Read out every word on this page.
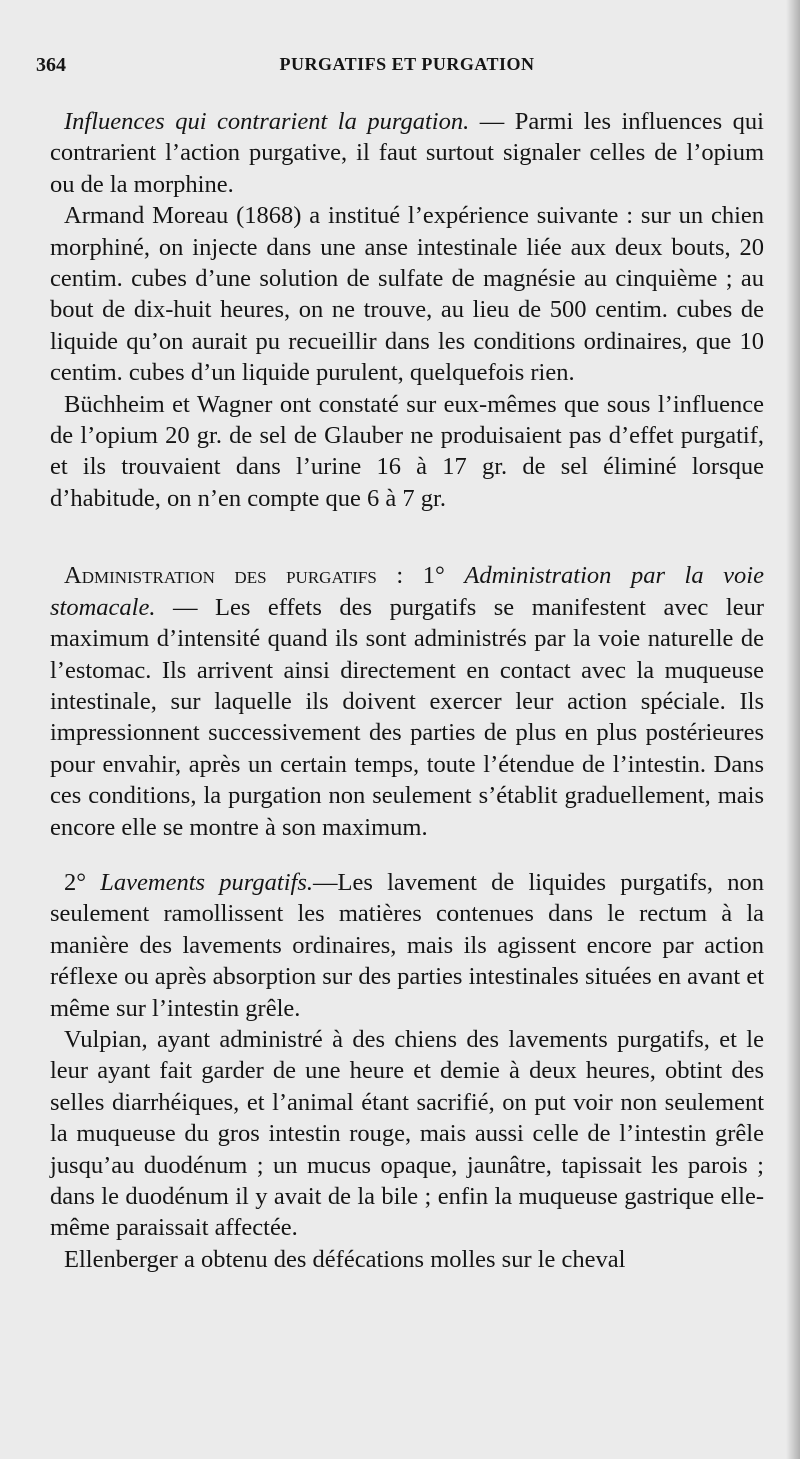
364	PURGATIFS ET PURGATION

Influences qui contrarient la purgation. — Parmi les influences qui contrarient l’action purgative, il faut surtout signaler celles de l’opium ou de la morphine.

Armand Moreau (1868) a institué l’expérience suivante : sur un chien morphiné, on injecte dans une anse intestinale liée aux deux bouts, 20 centim. cubes d’une solution de sulfate de magnésie au cinquième ; au bout de dix-huit heures, on ne trouve, au lieu de 500 centim. cubes de liquide qu’on aurait pu recueillir dans les conditions ordinaires, que 10 centim. cubes d’un liquide purulent, quelquefois rien.

Büchheim et Wagner ont constaté sur eux-mêmes que sous l’influence de l’opium 20 gr. de sel de Glauber ne produisaient pas d’effet purgatif, et ils trouvaient dans l’urine 16 à 17 gr. de sel éliminé lorsque d’habitude, on n’en compte que 6 à 7 gr.

Administration des purgatifs : 1° Administration par la voie stomacale. — Les effets des purgatifs se manifestent avec leur maximum d’intensité quand ils sont administrés par la voie naturelle de l’estomac. Ils arrivent ainsi directement en contact avec la muqueuse intestinale, sur laquelle ils doivent exercer leur action spéciale. Ils impressionnent successivement des parties de plus en plus postérieures pour envahir, après un certain temps, toute l’étendue de l’intestin. Dans ces conditions, la purgation non seulement s’établit graduellement, mais encore elle se montre à son maximum.

2° Lavements purgatifs.—Les lavement de liquides purgatifs, non seulement ramollissent les matières contenues dans le rectum à la manière des lavements ordinaires, mais ils agissent encore par action réflexe ou après absorption sur des parties intestinales situées en avant et même sur l’intestin grêle.

Vulpian, ayant administré à des chiens des lavements purgatifs, et le leur ayant fait garder de une heure et demie à deux heures, obtint des selles diarrhéiques, et l’animal étant sacrifié, on put voir non seulement la muqueuse du gros intestin rouge, mais aussi celle de l’intestin grêle jusqu’au duodénum ; un mucus opaque, jaunâtre, tapissait les parois ; dans le duodénum il y avait de la bile ; enfin la muqueuse gastrique elle-même paraissait affectée.

Ellenberger a obtenu des défécations molles sur le cheval
